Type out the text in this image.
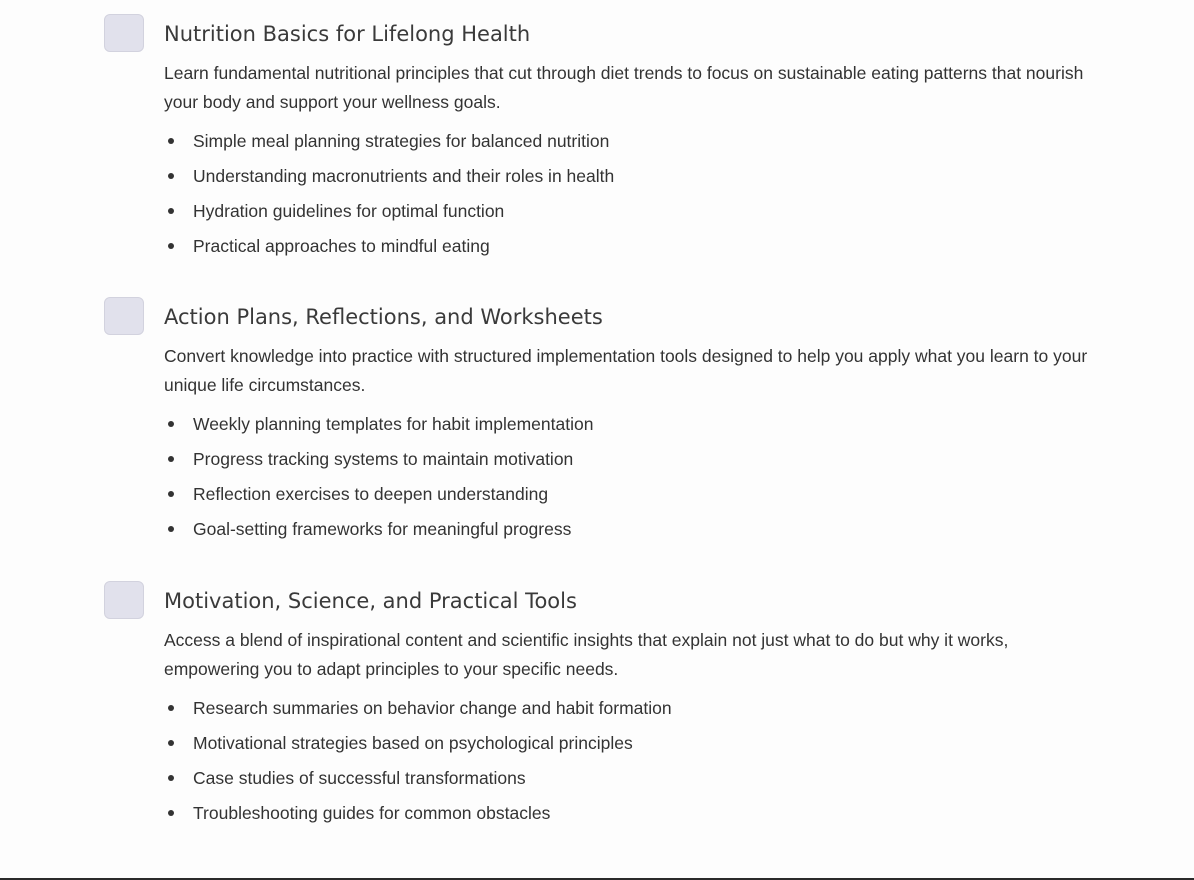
Nutrition Basics for Lifelong Health

Learn fundamental nutritional principles that cut through diet trends to focus on sustainable eating patterns that nourish your body and support your wellness goals.

Simple meal planning strategies for balanced nutrition
Understanding macronutrients and their roles in health
Hydration guidelines for optimal function
Practical approaches to mindful eating
Action Plans, Reflections, and Worksheets

Convert knowledge into practice with structured implementation tools designed to help you apply what you learn to your unique life circumstances.

Weekly planning templates for habit implementation
Progress tracking systems to maintain motivation
Reflection exercises to deepen understanding
Goal-setting frameworks for meaningful progress
Motivation, Science, and Practical Tools

Access a blend of inspirational content and scientific insights that explain not just what to do but why it works, empowering you to adapt principles to your specific needs.

Research summaries on behavior change and habit formation
Motivational strategies based on psychological principles
Case studies of successful transformations
Troubleshooting guides for common obstacles
